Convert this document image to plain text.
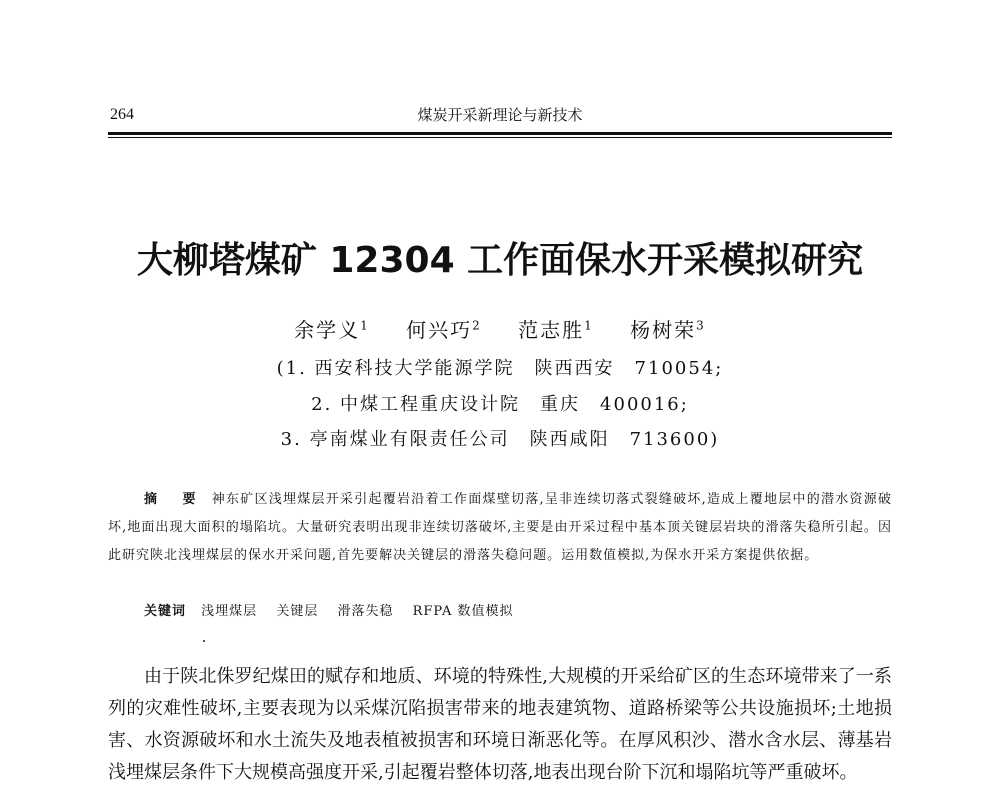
264	煤炭开采新理论与新技术
大柳塔煤矿 12304 工作面保水开采模拟研究
余学义$^1$ 何兴巧$^2$ 范志胜$^1$ 杨树荣$^3$
(1. 西安科技大学能源学院　陕西西安　710054;
2. 中煤工程重庆设计院　重庆　400016;
3. 亭南煤业有限责任公司　陕西咸阳　713600)
摘　要 神东矿区浅埋煤层开采引起覆岩沿着工作面煤壁切落,呈非连续切落式裂缝破坏,造成上覆地层中的潜水资源破坏,地面出现大面积的塌陷坑。大量研究表明出现非连续切落破坏,主要是由开采过程中基本顶关键层岩块的滑落失稳所引起。因此研究陕北浅埋煤层的保水开采问题,首先要解决关键层的滑落失稳问题。运用数值模拟,为保水开采方案提供依据。
关键词 浅埋煤层 关键层 滑落失稳 RFPA 数值模拟
由于陕北侏罗纪煤田的赋存和地质、环境的特殊性,大规模的开采给矿区的生态环境带来了一系列的灾难性破坏,主要表现为以采煤沉陷损害带来的地表建筑物、道路桥梁等公共设施损坏;土地损害、水资源破坏和水土流失及地表植被损害和环境日渐恶化等。在厚风积沙、潜水含水层、薄基岩浅埋煤层条件下大规模高强度开采,引起覆岩整体切落,地表出现台阶下沉和塌陷坑等严重破坏。
